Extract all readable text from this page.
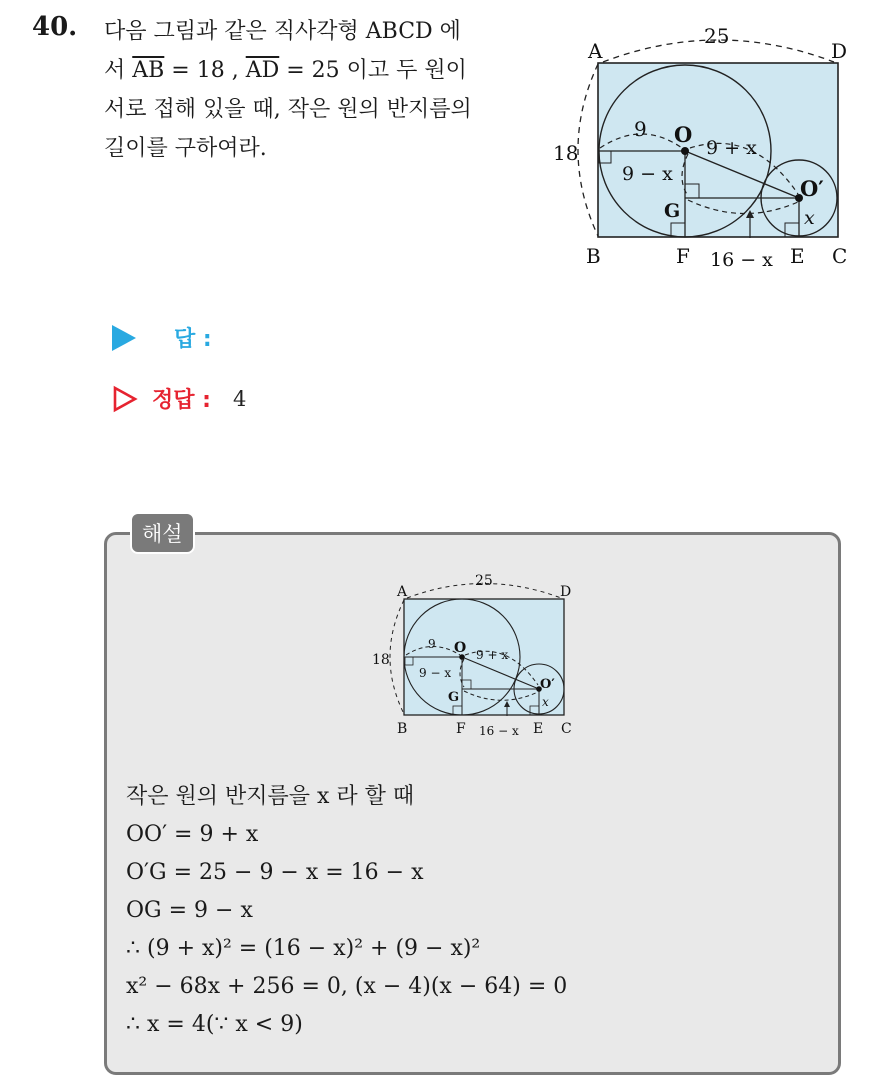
40. 다음 그림과 같은 직사각형 ABCD 에
서 $\overline{AB} = 18$ , $\overline{AD} = 25$ 이고 두 원이
서로 접해 있을 때, 작은 원의 반지름의
길이를 구하여라.
A	D
B	F	E C
25
18
9 O
O′
G
9 + x
9 − x
16 − x
x
답 :
정답 : 4
해설
A	D
B	F	E C
25
18
9 O
O′
G
9 + x
9 − x
16 − x
x
작은 원의 반지름을 x 라 할 때
OO′ = 9 + x
O′G = 25 − 9 − x = 16 − x
OG = 9 − x
∴ (9 + x)² = (16 − x)² + (9 − x)²
x² − 68x + 256 = 0, (x − 4)(x − 64) = 0
∴ x = 4(∵ x < 9)
